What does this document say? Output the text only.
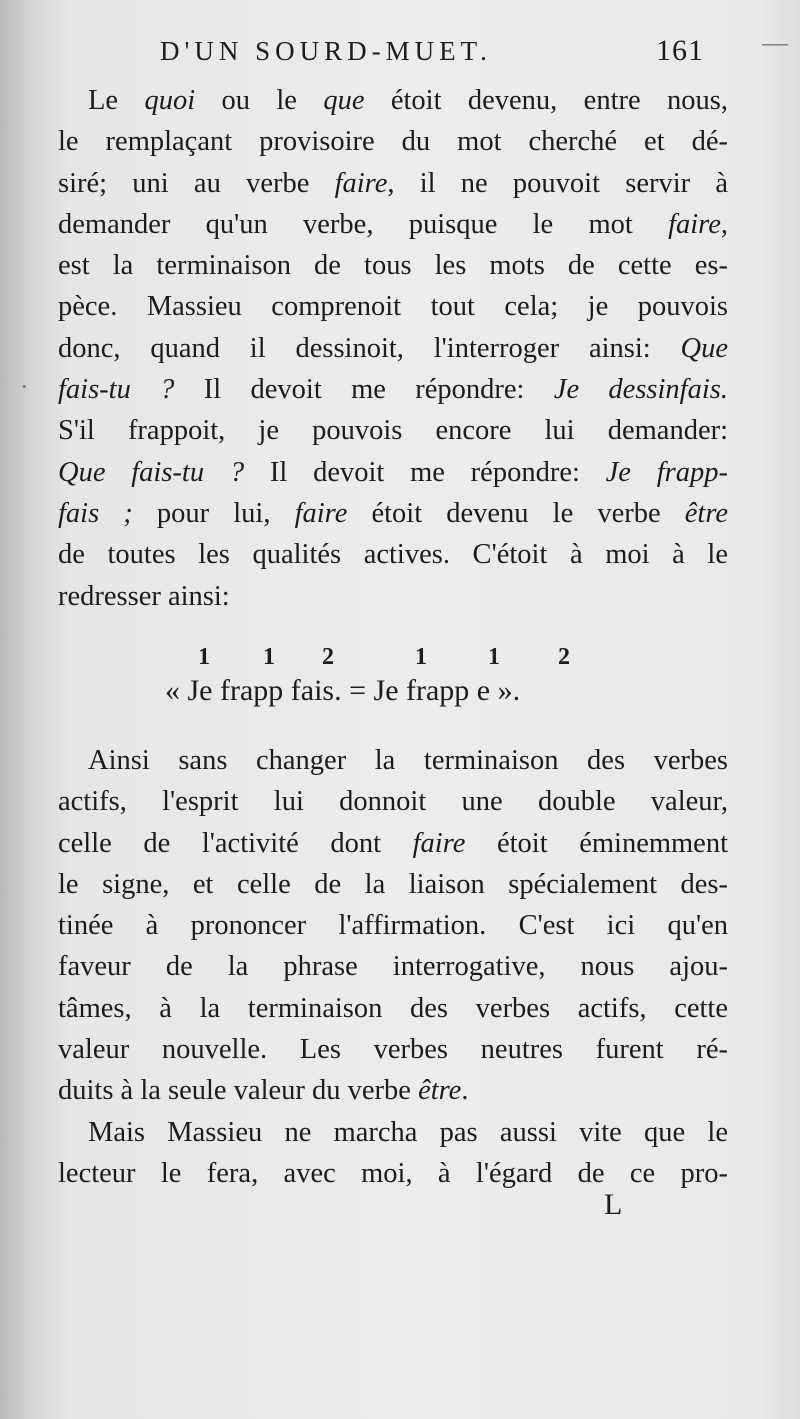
D'UN SOURD-MUET.	161 —
·

Le quoi ou le que étoit devenu, entre nous,
le remplaçant provisoire du mot cherché et dé-
siré; uni au verbe faire, il ne pouvoit servir à
demander qu'un verbe, puisque le mot faire,
est la terminaison de tous les mots de cette es-
pèce. Massieu comprenoit tout cela; je pouvois
donc, quand il dessinoit, l'interroger ainsi: Que
fais-tu ? Il devoit me répondre: Je dessinfais.
S'il frappoit, je pouvois encore lui demander:
Que fais-tu ? Il devoit me répondre: Je frapp-
fais ; pour lui, faire étoit devenu le verbe être
de toutes les qualités actives. C'étoit à moi à le
redresser ainsi:

1 1 2	1	1 2
« Je frapp fais. = Je frapp e ».

Ainsi sans changer la terminaison des verbes
actifs, l'esprit lui donnoit une double valeur,
celle de l'activité dont faire étoit éminemment
le signe, et celle de la liaison spécialement des-
tinée à prononcer l'affirmation. C'est ici qu'en
faveur de la phrase interrogative, nous ajou-
tâmes, à la terminaison des verbes actifs, cette
valeur nouvelle. Les verbes neutres furent ré-
duits à la seule valeur du verbe être.

Mais Massieu ne marcha pas aussi vite que le
lecteur le fera, avec moi, à l'égard de ce pro-

L
